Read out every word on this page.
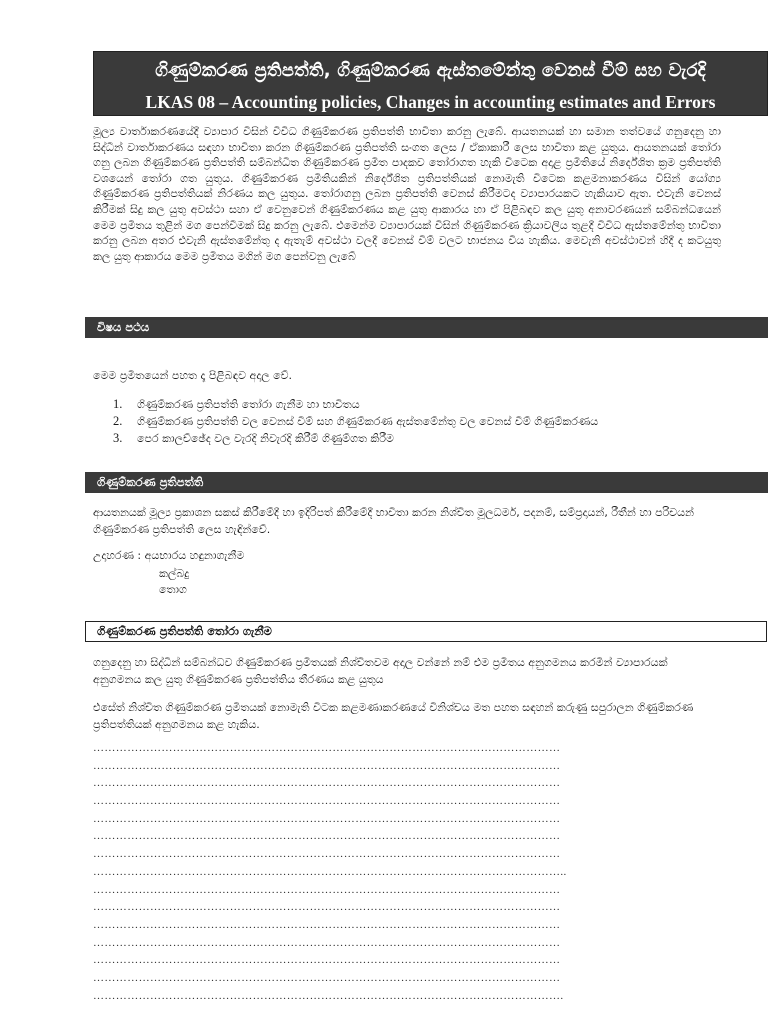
ගිණුම්කරණ ප්‍රතිපත්ති, ගිණුම්කරණ ඇස්තමේන්තු වෙනස් වීම් සහ වැරදි
LKAS 08 – Accounting policies, Changes in accounting estimates and Errors

මූල්‍ය වාර්තාකරණයේදී ව්‍යාපාර විසින් විවිධ ගිණුම්කරණ ප්‍රතිපත්ති භාවිතා කරනු ලැබේ. ආයතනයක් හා සමාන තත්වයේ ගනුදෙනු හා සිද්ධීන් වාර්තාකරණය සඳහා භාවිතා කරන ගිණුම්කරණ ප්‍රතිපත්ති සංගත ලෙස / ඒකාකාරී ලෙස භාවිතා කළ යුතුය. ආයතනයක් තෝරා ගනු ලබන ගිණුම්කරණ ප්‍රතිපත්ති සම්බන්ධිත ගිණුම්කරණ ප්‍රමිත පාදකව තෝරාගත හැකි විටෙක අදාළ ප්‍රමිතියේ නිර්දේශිත ක්‍රම ප්‍රතිපත්ති වශයෙන් තෝරා ගත යුතුය. ගිණුම්කරණ ප්‍රමිතියකින් නිර්දේශිත ප්‍රතිපත්තියක් නොමැති විටෙක කළමනාකරණය විසින් යෝග්‍ය ගිණුම්කරණ ප්‍රතිපත්තියක් නිරණය කල යුතුය. තෝරාගනු ලබන ප්‍රතිපත්ති වෙනස් කිරීමටද ව්‍යාපාරයකට හැකියාව ඇත. එවැනි වෙනස් කිරීමක් සිදු කල යුතු අවස්ථා සහා ඒ වෙනුවෙන් ගිණුම්කරණය කළ යුතු ආකාරය හා ඒ පිළිබඳව කල යුතු අනාවරණයන් සම්බන්ධයෙන් මෙම ප්‍රමිතය තුළින් මග පෙන්වීමක් සිදු කරනු ලැබේ. එමෙන්ම ව්‍යාපාරයක් විසින් ගිණුම්කරණ ක්‍රියාවලිය තුළදී විවිධ ඇස්තමේන්තු භාවිතා කරනු ලබන අතර එවැනි ඇස්තමේන්තු ද ඇතැම් අවස්ථා වලදී වෙනස් වීම් වලට භාජනය විය හැකිය. මෙවැනි අවස්ථාවන් හිදී ද කටයුතු කල යුතු ආකාරය මෙම ප්‍රමිතය මගින් මග පෙන්වනු ලැබේ

විෂය පථය

මෙම ප්‍රමිතයෙන් පහත දෑ පිළිබඳව අදාල වේ.

1.	ගිණුම්කරණ ප්‍රතිපත්ති තෝරා ගැනීම හා භාවිතය
2.	ගිණුම්කරණ ප්‍රතිපත්ති වල වෙනස් වීම් සහ ගිණුම්කරණ ඇස්තමේන්තු වල වෙනස් වීම් ගිණුම්කරණය
3.	පෙර කාලච්ඡේද වල වැරදි නිවැරදි කිරීම් ගිණුම්ගත කිරීම
ගිණුම්කරණ ප්‍රතිපත්ති

ආයතනයක් මූල්‍ය ප්‍රකාශන සකස් කිරීමේදී හා ඉදිරිපත් කිරීමේදී භාවිතා කරන නිශ්චිත මූලධර්ම, පදනම්, සම්ප්‍රදායන්, රීතීන් හා පරිචයන් ගිණුම්කරණ ප්‍රතිපත්ති ලෙස හැඳින්වේ.

උදාහරණ : අයභාරය හඳුනාගැනීම
කල්බදු
තොග
ගිණුම්කරණ ප්‍රතිපත්ති තෝරා ගැනීම

ගනුදෙනු හා සිද්ධීන් සම්බන්ධව ගිණුම්කරණ ප්‍රමිතයක් නිශ්චිතවම අදාල වන්නේ නම් එම ප්‍රමිතය අනුගමනය කරමින් ව්‍යාපාරයක් අනුගමනය කල යුතු ගිණුම්කරණ ප්‍රතිපත්තිය තීරණය කළ යුතුය

එසේත් නිශ්චිත ගිණුම්කරණ ප්‍රමිතයක් නොමැති විටක කළමණාකරණයේ විනිශ්චය මත පහත සඳහන් කරුණු සපුරාලන ගිණුම්කරණ ප්‍රතිපත්තියක් අනුගමනය කළ හැකිය.

……………………………………………………………………………………………………………
……………………………………………………………………………………………………………
……………………………………………………………………………………………………………
……………………………………………………………………………………………………………
……………………………………………………………………………………………………………
……………………………………………………………………………………………………………
……………………………………………………………………………………………………………
……………………………………………………………………………………………………………..
……………………………………………………………………………………………………………
……………………………………………………………………………………………………………
……………………………………………………………………………………………………………
……………………………………………………………………………………………………………
……………………………………………………………………………………………………………
……………………………………………………………………………………………………………
…………………………………………………………………………………………………………….
